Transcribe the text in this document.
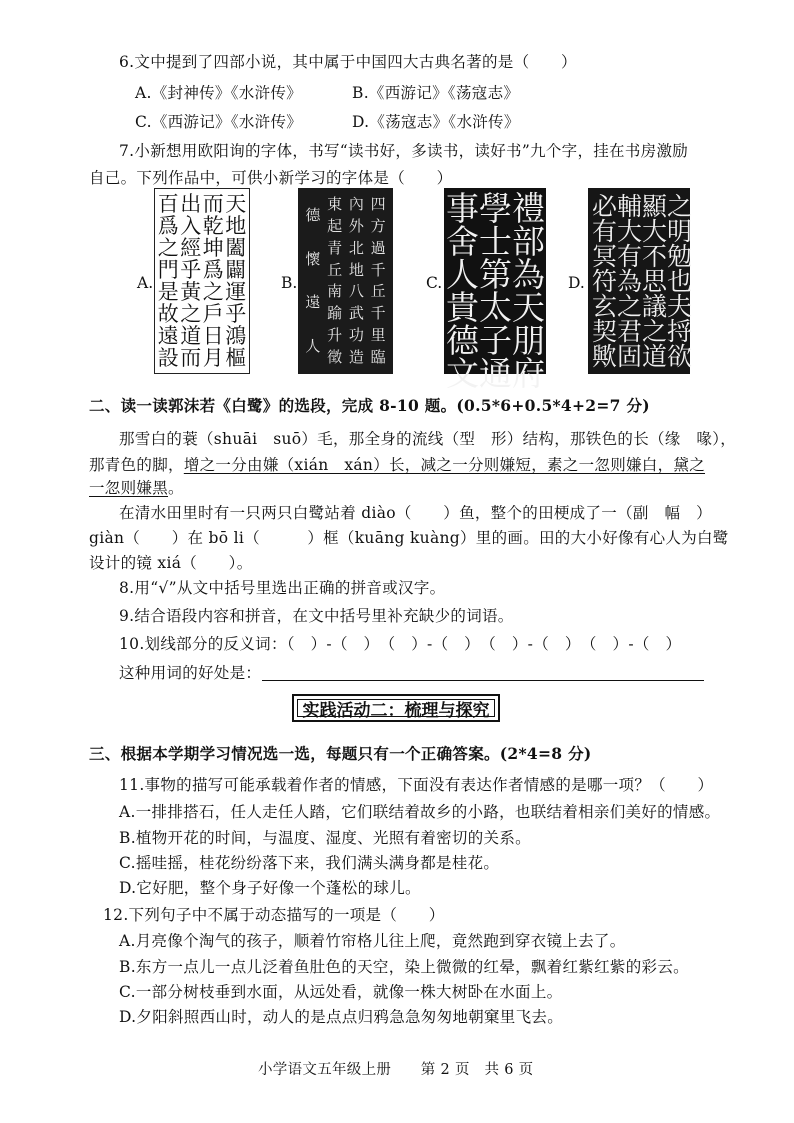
6.文中提到了四部小说，其中属于中国四大古典名著的是（　　）
A.《封神传》《水浒传》	B.《西游记》《荡寇志》
C.《西游记》《水浒传》	D.《荡寇志》《水浒传》
7.小新想用欧阳询的字体，书写“读书好，多读书，读好书”九个字，挂在书房激励
自己。下列作品中，可供小新学习的字体是（　　）
A.	B.	C.	D.
天
地
闔
闢
運
乎
鴻
樞
而
乾
坤
爲
之
戶
日
月
出
入
經
乎
黃
之
道
而
百
爲
之
門
是
故
遠
設
四
方
過
千
丘
千
里
臨
內
外
北
地
八
武
功
造
東
起
青
丘
南
踰
升
徵
德
懷
遠
人
禮
部
為
天
朋
府
學
士
第
太
子
通
事
舍
人
貴
德
文
之
明
勉
也
夫
捋
欲
顯
大
不
思
議
之
道
輔
大
有
為
之
君
固
必
有
冥
符
玄
契
歟
二、读一读郭沫若《白鹭》的选段，完成 8-10 题。(0.5*6+0.5*4+2=7 分)
那雪白的蓑（shuāi　suō）毛，那全身的流线（型　形）结构，那铁色的长（缘　喙），
那青色的脚，增之一分由嫌（xián　xán）长，减之一分则嫌短，素之一忽则嫌白，黛之
一忽则嫌黑。
在清水田里时有一只两只白鹭站着 diào（　　）鱼，整个的田梗成了一（副　幅　）
giàn（　　）在 bō li（　　　）框（kuāng kuàng）里的画。田的大小好像有心人为白鹭
设计的镜 xiá（　　）。
8.用“√”从文中括号里选出正确的拼音或汉字。
9.结合语段内容和拼音，在文中括号里补充缺少的词语。
10.划线部分的反义词：（　）-（　）　（　）-（　）　（　）-（　）　（　）-（　）
这种用词的好处是：
实践活动二：梳理与探究
三、根据本学期学习情况选一选，每题只有一个正确答案。(2*4=8 分)
11.事物的描写可能承载着作者的情感，下面没有表达作者情感的是哪一项？（　　）
A.一排排搭石，任人走任人踏，它们联结着故乡的小路，也联结着相亲们美好的情感。
B.植物开花的时间，与温度、湿度、光照有着密切的关系。
C.摇哇摇，桂花纷纷落下来，我们满头满身都是桂花。
D.它好肥，整个身子好像一个蓬松的球儿。
12.下列句子中不属于动态描写的一项是（　　）
A.月亮像个淘气的孩子，顺着竹帘格儿往上爬，竟然跑到穿衣镜上去了。
B.东方一点儿一点儿泛着鱼肚色的天空，染上微微的红晕，飘着红紫红紫的彩云。
C.一部分树枝垂到水面，从远处看，就像一株大树卧在水面上。
D.夕阳斜照西山时，动人的是点点归鸦急急匆匆地朝窠里飞去。
小学语文五年级上册　　第 2 页　共 6 页
